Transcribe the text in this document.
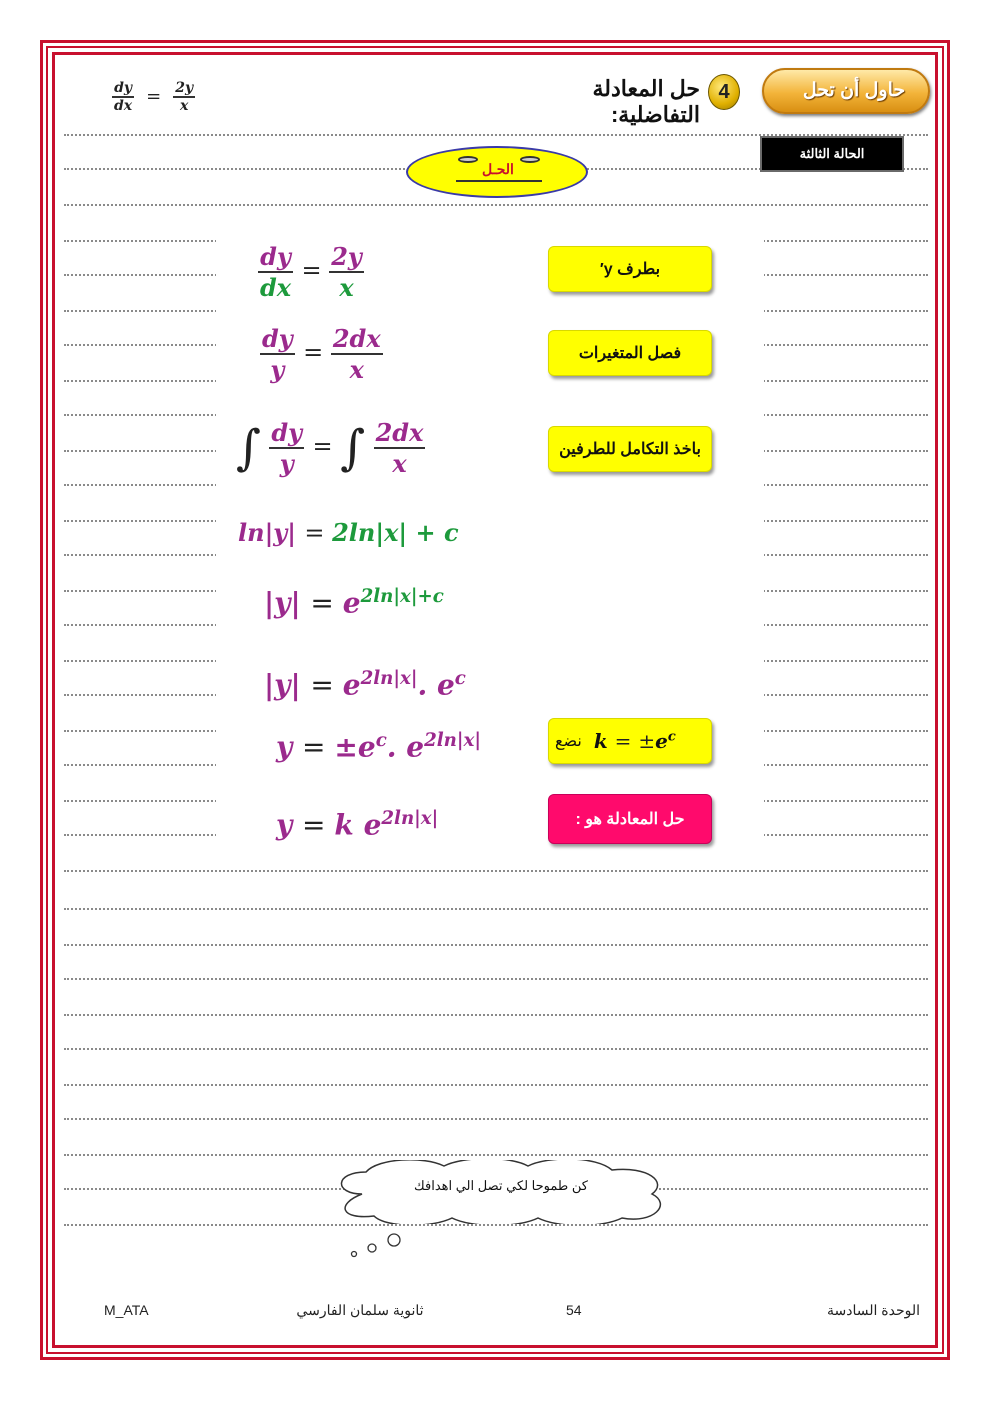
حاول أن تحل
4
حل المعادلة التفاضلية:
$\frac{dy}{dx} = \frac{2y}{x}$
الحالة الثالثة
الحـل
بطرف y′
فصل المتغيرات
باخذ التكامل للطرفين
نضع $k = \pm e^c$
حل المعادلة هو :
$\frac{dy}{dx} = \frac{2y}{x}$
$\frac{dy}{y} = \frac{2dx}{x}$
∫ $\frac{dy}{y}$ = ∫ $\frac{2dx}{x}$
ln|y| = 2ln|x| + c
$|y| = e^{2ln|x|+c}$
$|y| = e^{2ln|x|}$. $e^c$
$y = \pm e^c$. $e^{2ln|x|}$
y = k $e^{2ln|x|}$
كن طموحا لكي تصل الي اهدافك
M_ATA	ثانوية سلمان الفارسي	54	الوحدة السادسة
